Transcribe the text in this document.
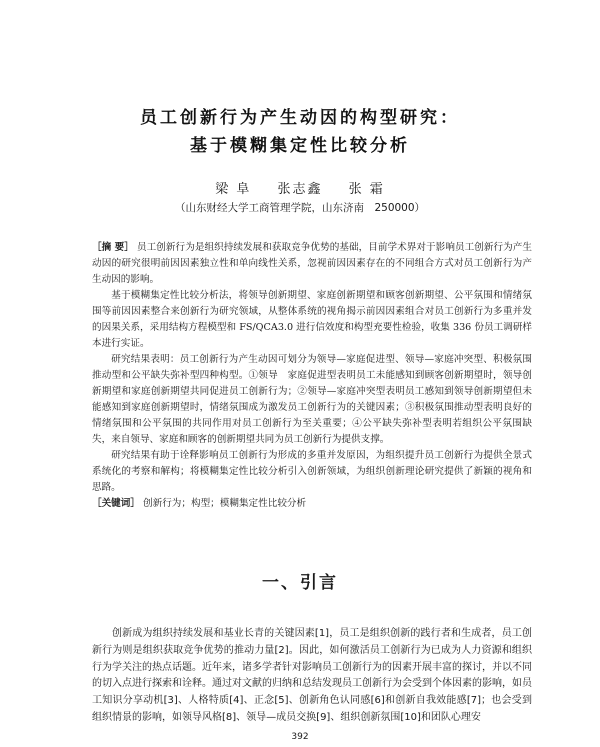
员工创新行为产生动因的构型研究：
基于模糊集定性比较分析
梁 阜 张志鑫 张 霜
（山东财经大学工商管理学院，山东济南　250000）

［摘 要］ 员工创新行为是组织持续发展和获取竞争优势的基础，目前学术界对于影响员工创新行为产生动因的研究很明前因因素独立性和单向线性关系，忽视前因因素存在的不同组合方式对员工创新行为产生动因的影响。

基于模糊集定性比较分析法，将领导创新期望、家庭创新期望和顾客创新期望、公平氛围和情绪氛围等前因因素整合来创新行为研究领域，从整体系统的视角揭示前因因素组合对员工创新行为多重并发的因果关系，采用结构方程模型和 FS/QCA3.0 进行信效度和构型充要性检验，收集 336 份员工调研样本进行实证。

研究结果表明：员工创新行为产生动因可划分为领导—家庭促进型、领导—家庭冲突型、积极氛围推动型和公平缺失弥补型四种构型。①领导　家庭促进型表明员工未能感知到顾客创新期望时，领导创新期望和家庭创新期望共同促进员工创新行为；②领导—家庭冲突型表明员工感知到领导创新期望但未能感知到家庭创新期望时，情绪氛围成为激发员工创新行为的关键因素；③积极氛围推动型表明良好的情绪氛围和公平氛围的共同作用对员工创新行为至关重要；④公平缺失弥补型表明若组织公平氛围缺失，来自领导、家庭和顾客的创新期望共同为员工创新行为提供支撑。

研究结果有助于诠释影响员工创新行为形成的多重并发原因，为组织提升员工创新行为提供全景式系统化的考察和解构；将模糊集定性比较分析引入创新领域，为组织创新理论研究提供了新颖的视角和思路。

［关键词］ 创新行为；构型；模糊集定性比较分析

一、引言

创新成为组织持续发展和基业长青的关键因素[1]，员工是组织创新的践行者和生成者，员工创新行为则是组织获取竞争优势的推动力量[2]。因此，如何激活员工创新行为已成为人力资源和组织行为学关注的热点话题。近年来，诸多学者针对影响员工创新行为的因素开展丰富的探讨，并以不同的切入点进行探索和诠释。通过对文献的归纳和总结发现员工创新行为会受到个体因素的影响，如员工知识分享动机[3]、人格特质[4]、正念[5]、创新角色认同感[6]和创新自我效能感[7]；也会受到组织情景的影响，如领导风格[8]、领导—成员交换[9]、组织创新氛围[10]和团队心理安

392
